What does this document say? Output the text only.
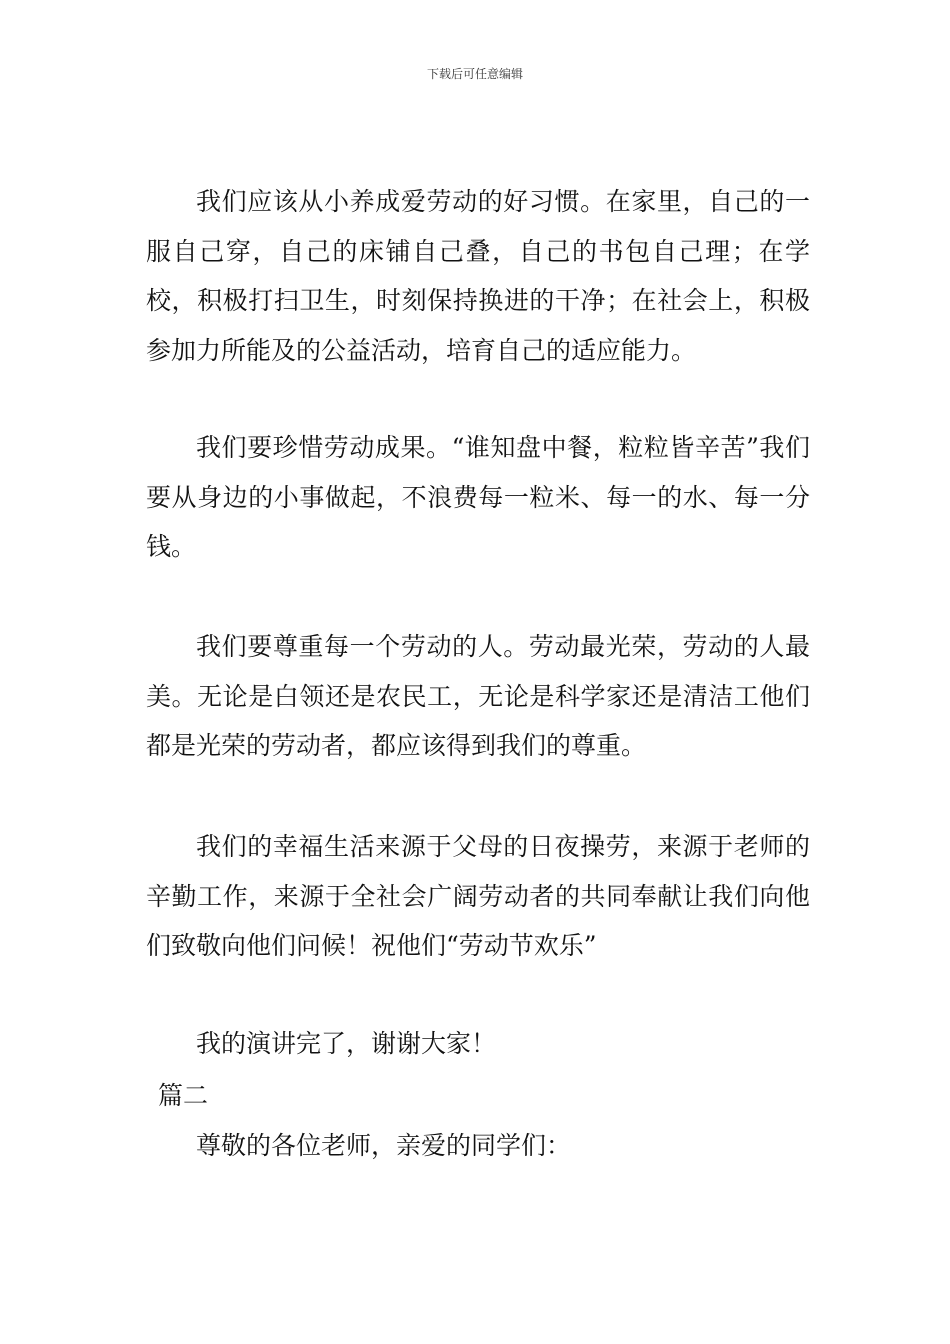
下载后可任意编辑

我们应该从小养成爱劳动的好习惯。在家里，自己的一服自己穿，自己的床铺自己叠，自己的书包自己理；在学校，积极打扫卫生，时刻保持换进的干净；在社会上，积极参加力所能及的公益活动，培育自己的适应能力。

我们要珍惜劳动成果。“谁知盘中餐，粒粒皆辛苦”我们要从身边的小事做起，不浪费每一粒米、每一的水、每一分钱。

我们要尊重每一个劳动的人。劳动最光荣，劳动的人最美。无论是白领还是农民工，无论是科学家还是清洁工他们都是光荣的劳动者，都应该得到我们的尊重。

我们的幸福生活来源于父母的日夜操劳，来源于老师的辛勤工作，来源于全社会广阔劳动者的共同奉献让我们向他们致敬向他们问候！祝他们“劳动节欢乐”

我的演讲完了，谢谢大家！

篇二

尊敬的各位老师，亲爱的同学们：
